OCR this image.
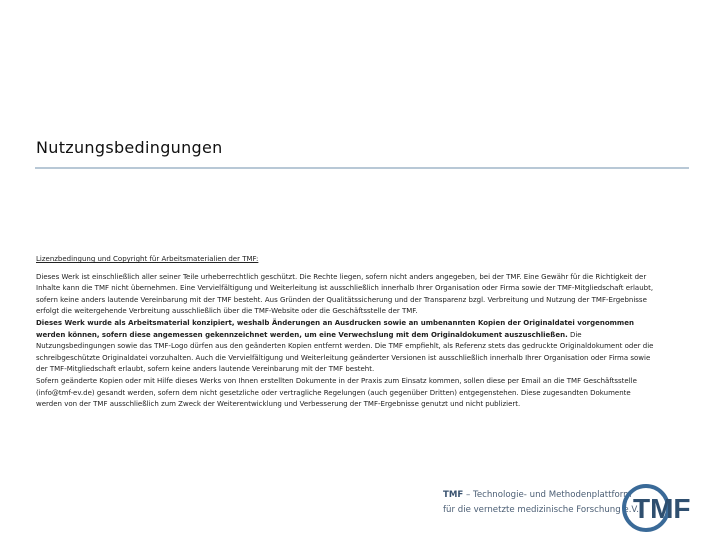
Nutzungsbedingungen

Lizenzbedingung und Copyright für Arbeitsmaterialien der TMF:

Dieses Werk ist einschließlich aller seiner Teile urheberrechtlich geschützt. Die Rechte liegen, sofern nicht anders angegeben, bei der TMF. Eine Gewähr für die Richtigkeit der Inhalte kann die TMF nicht übernehmen. Eine Vervielfältigung und Weiterleitung ist ausschließlich innerhalb Ihrer Organisation oder Firma sowie der TMF-Mitgliedschaft erlaubt, sofern keine anders lautende Vereinbarung mit der TMF besteht. Aus Gründen der Qualitätssicherung und der Transparenz bzgl. Verbreitung und Nutzung der TMF-Ergebnisse erfolgt die weitergehende Verbreitung ausschließlich über die TMF-Website oder die Geschäftsstelle der TMF.

Dieses Werk wurde als Arbeitsmaterial konzipiert, weshalb Änderungen an Ausdrucken sowie an umbenannten Kopien der Originaldatei vorgenommen werden können, sofern diese angemessen gekennzeichnet werden, um eine Verwechslung mit dem Originaldokument auszuschließen. Die Nutzungsbedingungen sowie das TMF-Logo dürfen aus den geänderten Kopien entfernt werden. Die TMF empfiehlt, als Referenz stets das gedruckte Originaldokument oder die schreibgeschützte Originaldatei vorzuhalten. Auch die Vervielfältigung und Weiterleitung geänderter Versionen ist ausschließlich innerhalb Ihrer Organisation oder Firma sowie der TMF-Mitgliedschaft erlaubt, sofern keine anders lautende Vereinbarung mit der TMF besteht.

Sofern geänderte Kopien oder mit Hilfe dieses Werks von Ihnen erstellten Dokumente in der Praxis zum Einsatz kommen, sollen diese per Email an die TMF Geschäftsstelle (info@tmf-ev.de) gesandt werden, sofern dem nicht gesetzliche oder vertragliche Regelungen (auch gegenüber Dritten) entgegenstehen. Diese zugesandten Dokumente werden von der TMF ausschließlich zum Zweck der Weiterentwicklung und Verbesserung der TMF-Ergebnisse genutzt und nicht publiziert.

TMF – Technologie- und Methodenplattform
für die vernetzte medizinische Forschung e.V.
TMF
